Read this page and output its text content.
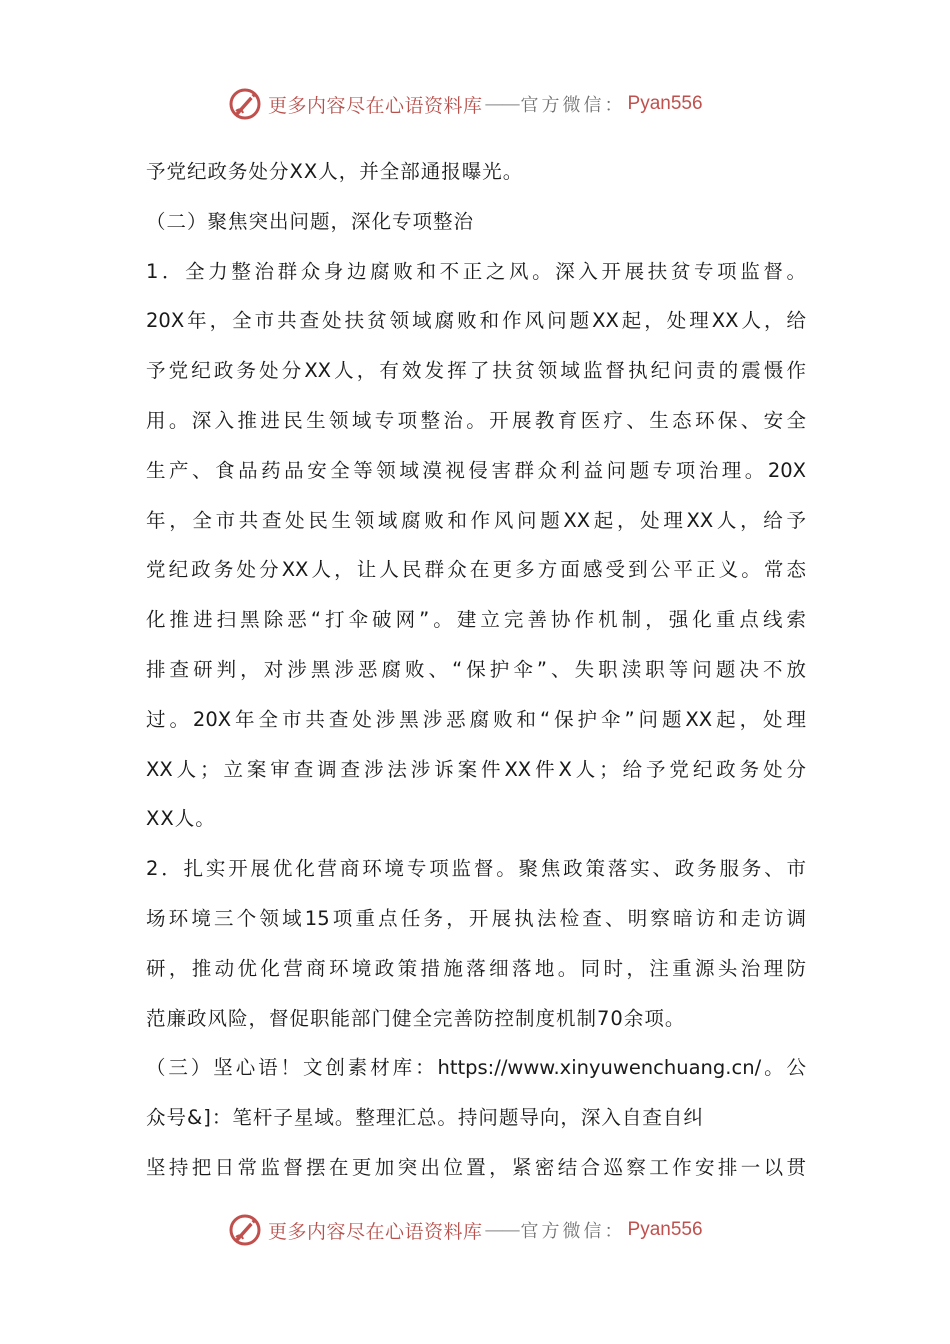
更多内容尽在心语资料库 —— 官方微信： Pyan556
予党纪政务处分XX人，并全部通报曝光。
（二）聚焦突出问题，深化专项整治
1．全力整治群众身边腐败和不正之风。深入开展扶贫专项监督。
20X年，全市共查处扶贫领域腐败和作风问题XX起，处理XX人，给
予党纪政务处分XX人，有效发挥了扶贫领域监督执纪问责的震慑作
用。深入推进民生领域专项整治。开展教育医疗、生态环保、安全
生产、食品药品安全等领域漠视侵害群众利益问题专项治理。20X
年，全市共查处民生领域腐败和作风问题XX起，处理XX人，给予
党纪政务处分XX人，让人民群众在更多方面感受到公平正义。常态
化推进扫黑除恶“打伞破网”。建立完善协作机制，强化重点线索
排查研判，对涉黑涉恶腐败、“保护伞”、失职渎职等问题决不放
过。20X年全市共查处涉黑涉恶腐败和“保护伞”问题XX起，处理
XX人；立案审查调查涉法涉诉案件XX件X人；给予党纪政务处分
XX人。
2．扎实开展优化营商环境专项监督。聚焦政策落实、政务服务、市
场环境三个领域15项重点任务，开展执法检查、明察暗访和走访调
研，推动优化营商环境政策措施落细落地。同时，注重源头治理防
范廉政风险，督促职能部门健全完善防控制度机制70余项。
（三）坚心语！文创素材库：https://www.xinyuwenchuang.cn/。公
众号&]：笔杆子星域。整理汇总。持问题导向，深入自查自纠
坚持把日常监督摆在更加突出位置，紧密结合巡察工作安排一以贯
更多内容尽在心语资料库 —— 官方微信： Pyan556
